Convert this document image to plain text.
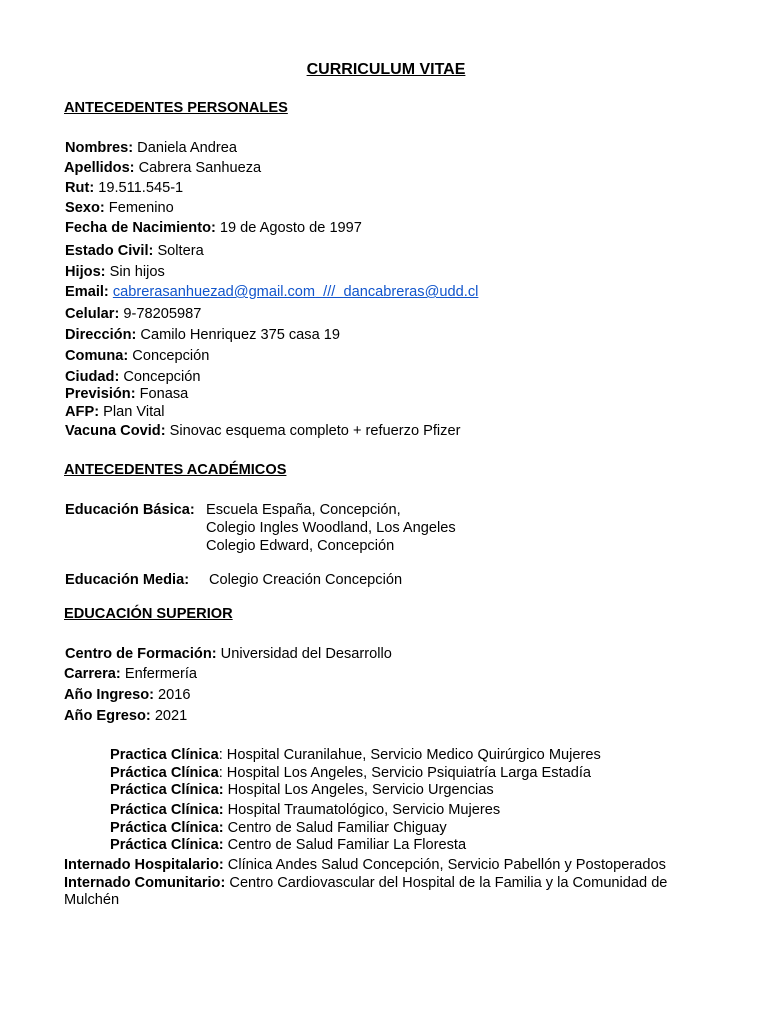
CURRICULUM VITAE
ANTECEDENTES PERSONALES
Nombres: Daniela Andrea
Apellidos: Cabrera Sanhueza
Rut: 19.511.545-1
Sexo: Femenino
Fecha de Nacimiento: 19 de Agosto de 1997
Estado Civil: Soltera
Hijos: Sin hijos
Email: cabrerasanhuezad@gmail.com  ///  dancabreras@udd.cl
Celular: 9-78205987
Dirección: Camilo Henriquez 375 casa 19
Comuna: Concepción
Ciudad: Concepción
Previsión: Fonasa
AFP: Plan Vital
Vacuna Covid: Sinovac esquema completo + refuerzo Pfizer
ANTECEDENTES ACADÉMICOS
Educación Básica: Escuela España, Concepción,
Colegio Ingles Woodland, Los Angeles
Colegio Edward, Concepción
Educación Media: Colegio Creación Concepción
EDUCACIÓN SUPERIOR
Centro de Formación: Universidad del Desarrollo
Carrera: Enfermería
Año Ingreso: 2016
Año Egreso: 2021
Practica Clínica: Hospital Curanilahue, Servicio Medico Quirúrgico Mujeres
Práctica Clínica: Hospital Los Angeles, Servicio Psiquiatría Larga Estadía
Práctica Clínica: Hospital Los Angeles, Servicio Urgencias
Práctica Clínica: Hospital Traumatológico, Servicio Mujeres
Práctica Clínica: Centro de Salud Familiar Chiguay
Práctica Clínica: Centro de Salud Familiar La Floresta
Internado Hospitalario: Clínica Andes Salud Concepción, Servicio Pabellón y Postoperados
Internado Comunitario: Centro Cardiovascular del Hospital de la Familia y la Comunidad de Mulchén
